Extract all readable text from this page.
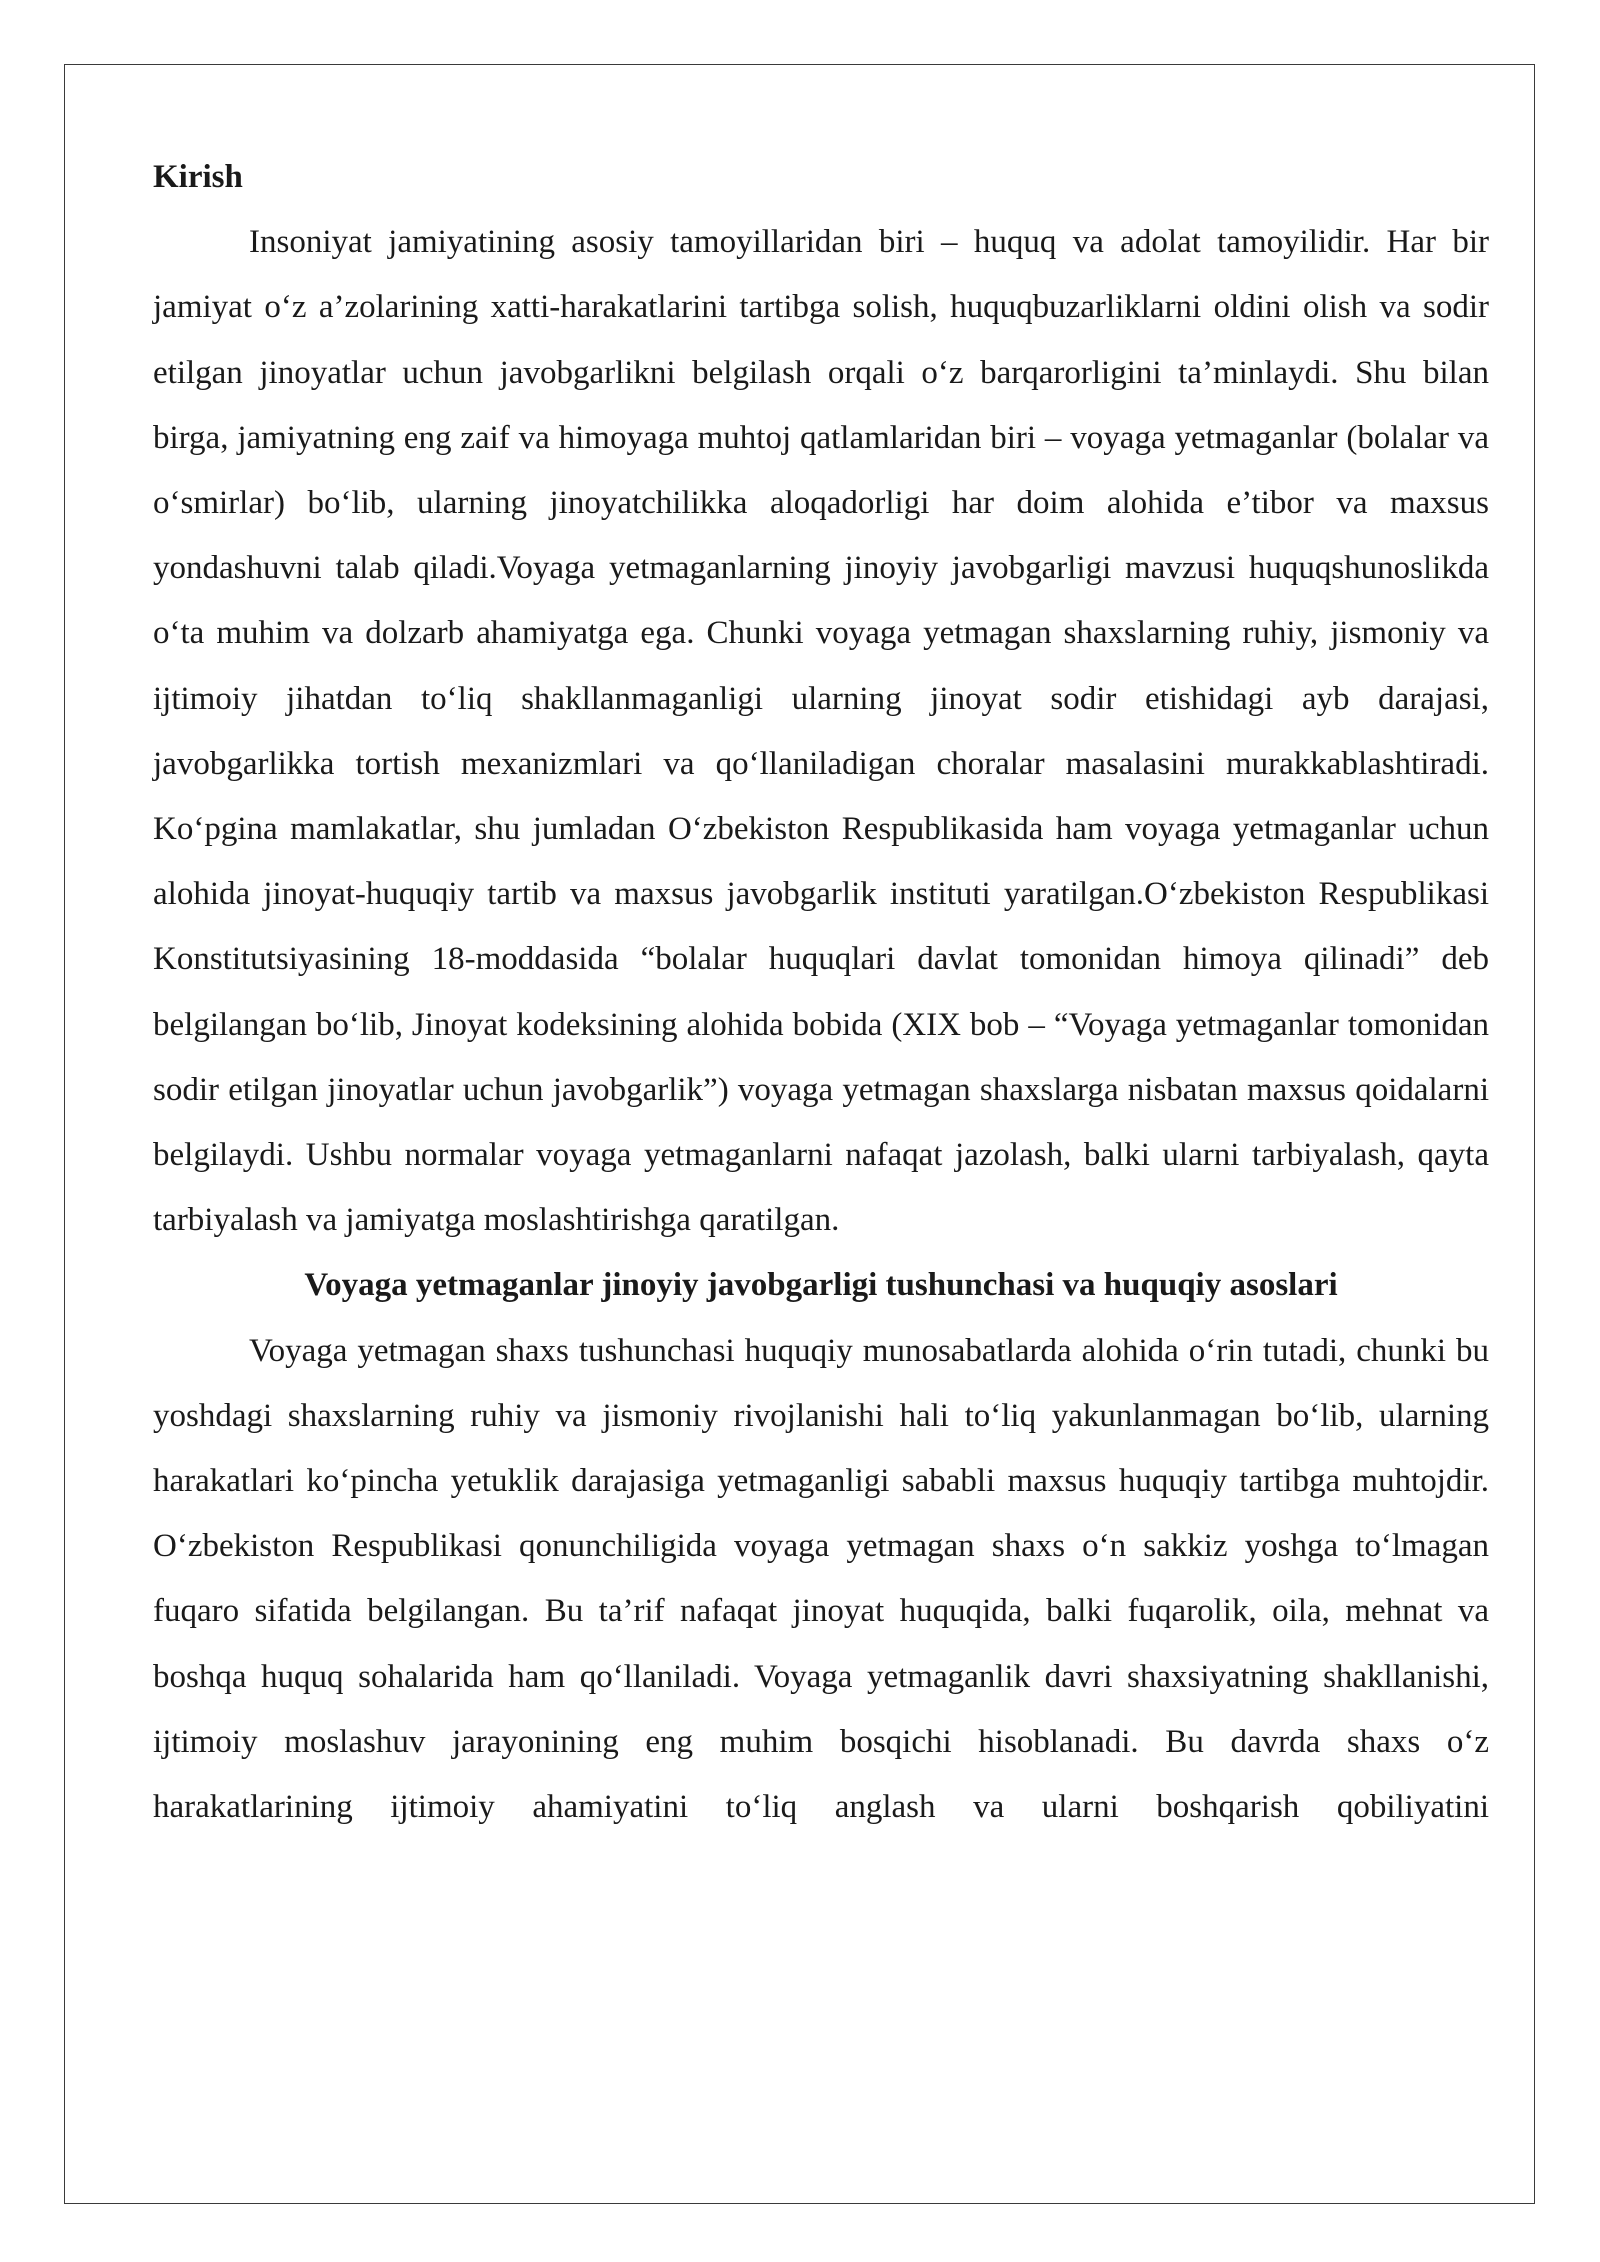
Kirish

Insoniyat jamiyatining asosiy tamoyillaridan biri – huquq va adolat tamoyilidir. Har bir jamiyat o‘z a’zolarining xatti-harakatlarini tartibga solish, huquqbuzarliklarni oldini olish va sodir etilgan jinoyatlar uchun javobgarlikni belgilash orqali o‘z barqarorligini ta’minlaydi. Shu bilan birga, jamiyatning eng zaif va himoyaga muhtoj qatlamlaridan biri – voyaga yetmaganlar (bolalar va o‘smirlar) bo‘lib, ularning jinoyatchilikka aloqadorligi har doim alohida e’tibor va maxsus yondashuvni talab qiladi.Voyaga yetmaganlarning jinoyiy javobgarligi mavzusi huquqshunoslikda o‘ta muhim va dolzarb ahamiyatga ega. Chunki voyaga yetmagan shaxslarning ruhiy, jismoniy va ijtimoiy jihatdan to‘liq shakllanmaganligi ularning jinoyat sodir etishidagi ayb darajasi, javobgarlikka tortish mexanizmlari va qo‘llaniladigan choralar masalasini murakkablashtiradi. Ko‘pgina mamlakatlar, shu jumladan O‘zbekiston Respublikasida ham voyaga yetmaganlar uchun alohida jinoyat-huquqiy tartib va maxsus javobgarlik instituti yaratilgan.O‘zbekiston Respublikasi Konstitutsiyasining 18-moddasida “bolalar huquqlari davlat tomonidan himoya qilinadi” deb belgilangan bo‘lib, Jinoyat kodeksining alohida bobida (XIX bob – “Voyaga yetmaganlar tomonidan sodir etilgan jinoyatlar uchun javobgarlik”) voyaga yetmagan shaxslarga nisbatan maxsus qoidalarni belgilaydi. Ushbu normalar voyaga yetmaganlarni nafaqat jazolash, balki ularni tarbiyalash, qayta tarbiyalash va jamiyatga moslashtirishga qaratilgan.

Voyaga yetmaganlar jinoyiy javobgarligi tushunchasi va huquqiy asoslari

Voyaga yetmagan shaxs tushunchasi huquqiy munosabatlarda alohida o‘rin tutadi, chunki bu yoshdagi shaxslarning ruhiy va jismoniy rivojlanishi hali to‘liq yakunlanmagan bo‘lib, ularning harakatlari ko‘pincha yetuklik darajasiga yetmaganligi sababli maxsus huquqiy tartibga muhtojdir. O‘zbekiston Respublikasi qonunchiligida voyaga yetmagan shaxs o‘n sakkiz yoshga to‘lmagan fuqaro sifatida belgilangan. Bu ta’rif nafaqat jinoyat huquqida, balki fuqarolik, oila, mehnat va boshqa huquq sohalarida ham qo‘llaniladi. Voyaga yetmaganlik davri shaxsiyatning shakllanishi, ijtimoiy moslashuv jarayonining eng muhim bosqichi hisoblanadi. Bu davrda shaxs o‘z harakatlarining ijtimoiy ahamiyatini to‘liq anglash va ularni boshqarish qobiliyatini
